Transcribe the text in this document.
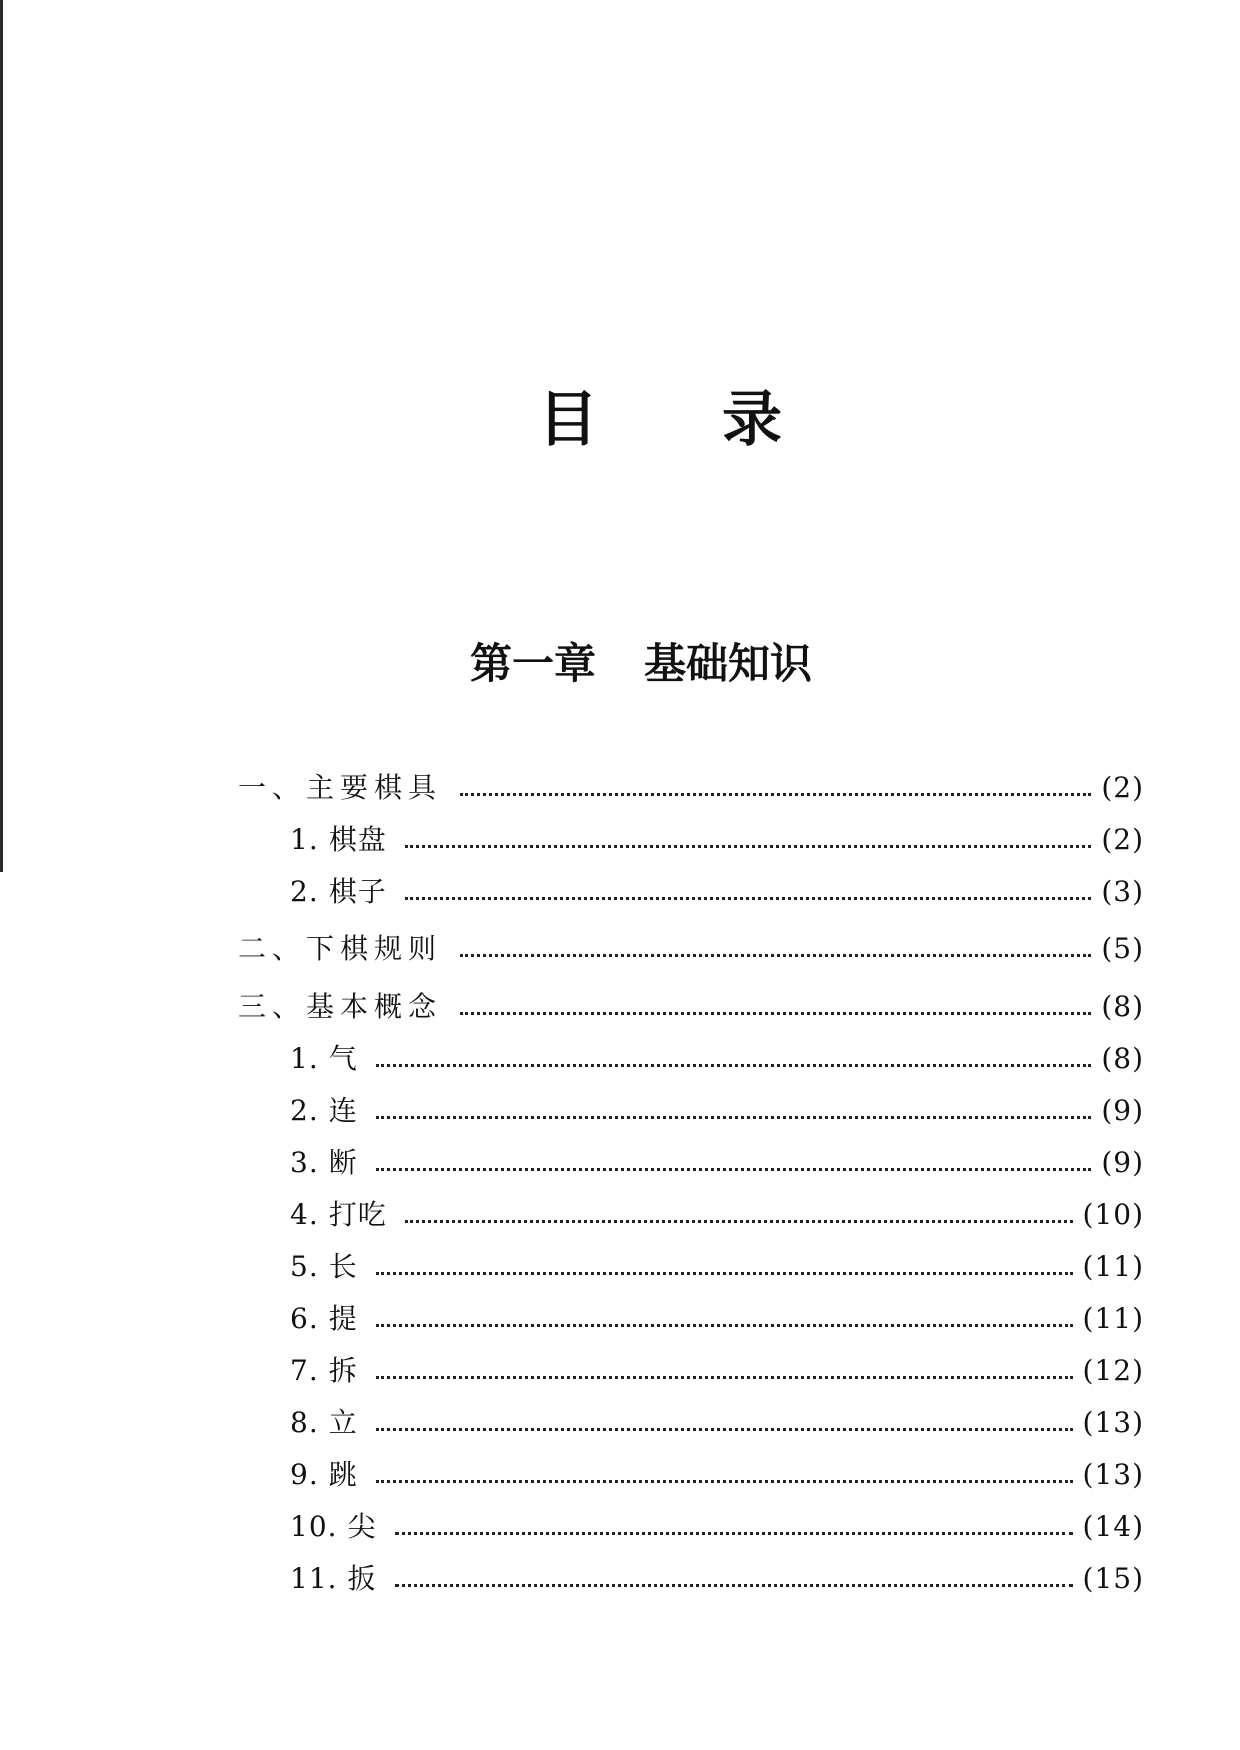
目 录
第一章 基础知识
一、主要棋具	(2)
1. 棋盘	(2)
2. 棋子	(3)
二、下棋规则	(5)
三、基本概念	(8)
1. 气	(8)
2. 连	(9)
3. 断	(9)
4. 打吃	(10)
5. 长	(11)
6. 提	(11)
7. 拆	(12)
8. 立	(13)
9. 跳	(13)
10. 尖	(14)
11. 扳	(15)
